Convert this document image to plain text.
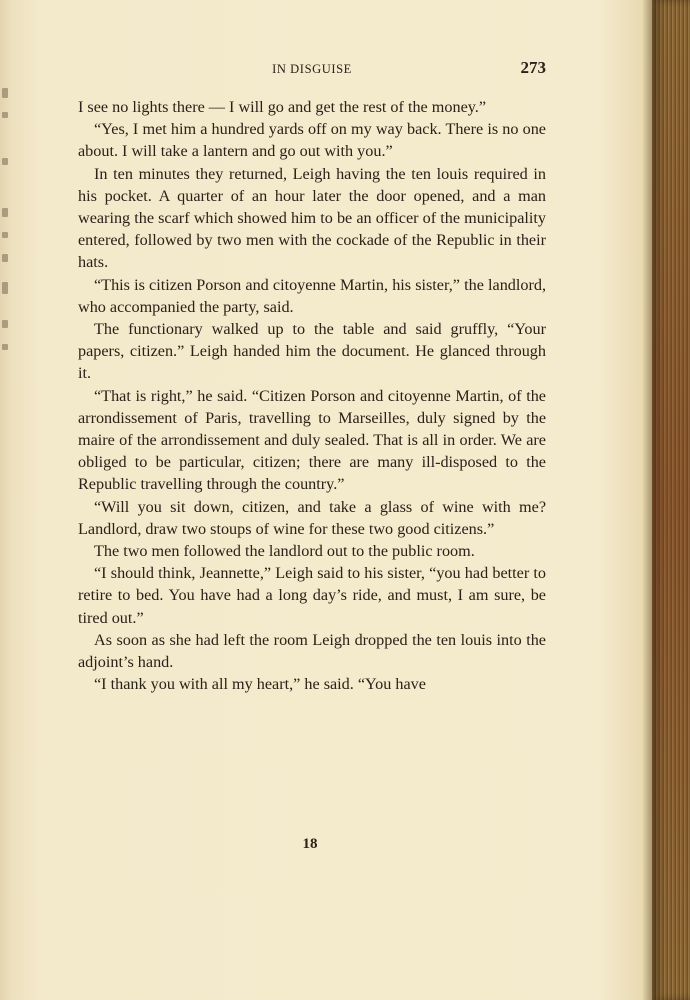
IN DISGUISE	273

I see no lights there — I will go and get the rest of the money.”

“Yes, I met him a hundred yards off on my way back. There is no one about. I will take a lantern and go out with you.”

In ten minutes they returned, Leigh having the ten louis required in his pocket. A quarter of an hour later the door opened, and a man wearing the scarf which showed him to be an officer of the municipality entered, followed by two men with the cockade of the Republic in their hats.

“This is citizen Porson and citoyenne Martin, his sister,” the landlord, who accompanied the party, said.

The functionary walked up to the table and said gruffly, “Your papers, citizen.” Leigh handed him the document. He glanced through it.

“That is right,” he said. “Citizen Porson and citoyenne Martin, of the arrondissement of Paris, travelling to Marseilles, duly signed by the maire of the arrondissement and duly sealed. That is all in order. We are obliged to be particular, citizen; there are many ill-disposed to the Republic travelling through the country.”

“Will you sit down, citizen, and take a glass of wine with me? Landlord, draw two stoups of wine for these two good citizens.”

The two men followed the landlord out to the public room.

“I should think, Jeannette,” Leigh said to his sister, “you had better to retire to bed. You have had a long day’s ride, and must, I am sure, be tired out.”

As soon as she had left the room Leigh dropped the ten louis into the adjoint’s hand.

“I thank you with all my heart,” he said. “You have

18
